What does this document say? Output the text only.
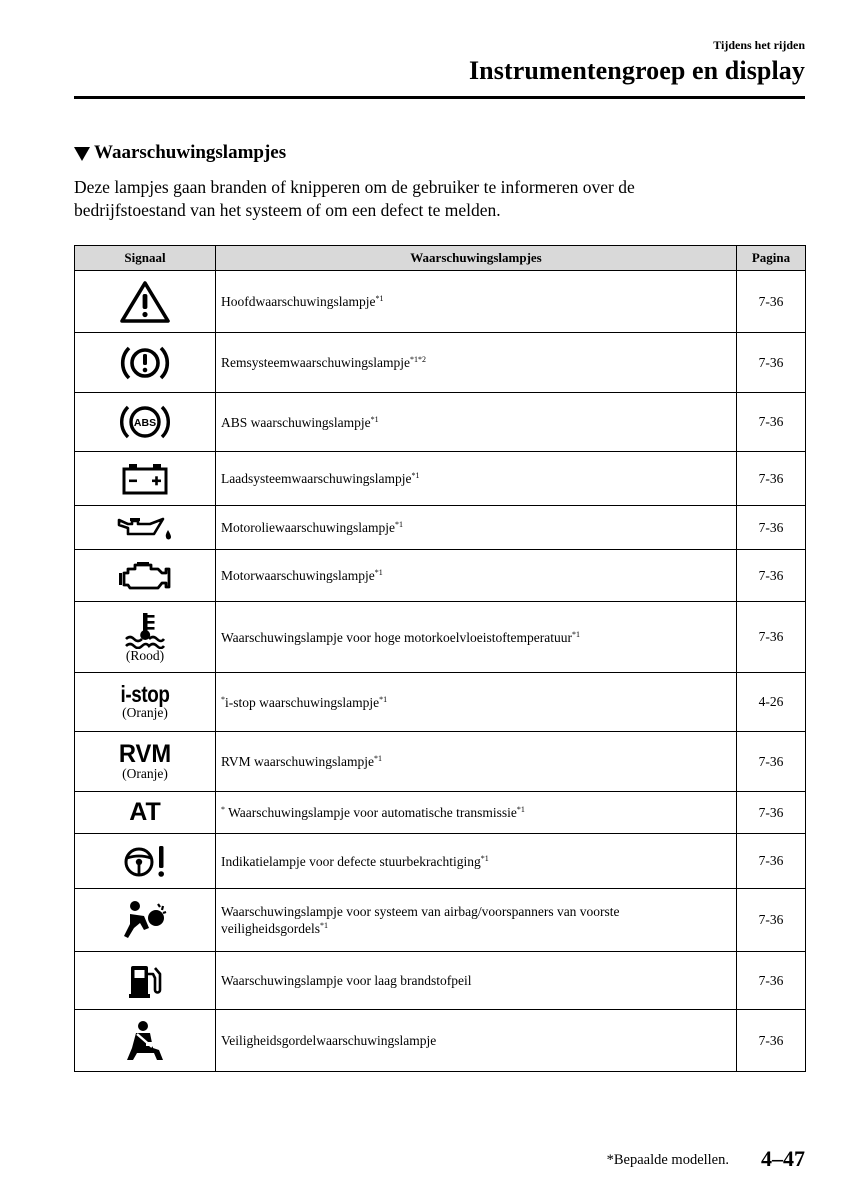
Tijdens het rijden
Instrumentengroep en display
Waarschuwingslampjes
Deze lampjes gaan branden of knipperen om de gebruiker te informeren over de
bedrijfstoestand van het systeem of om een defect te melden.
Signaal	Waarschuwingslampjes	Pagina

	Hoofdwaarschuwingslampje$^{*1}$	7-36

	Remsysteemwaarschuwingslampje$^{*1*2}$	7-36

ABS	ABS waarschuwingslampje$^{*1}$	7-36

	Laadsysteemwaarschuwingslampje$^{*1}$	7-36

	Motoroliewaarschuwingslampje$^{*1}$	7-36

	Motorwaarschuwingslampje$^{*1}$	7-36

(Rood)	Waarschuwingslampje voor hoge motorkoelvloeistoftemperatuur$^{*1}$	7-36

i-stop
(Oranje)	*i-stop waarschuwingslampje$^{*1}$	4-26

RVM
(Oranje)	RVM waarschuwingslampje$^{*1}$	7-36

AT	* Waarschuwingslampje voor automatische transmissie$^{*1}$	7-36

	Indikatielampje voor defecte stuurbekrachtiging$^{*1}$	7-36

	Waarschuwingslampje voor systeem van airbag/voorspanners van voorste
veiligheidsgordels$^{*1}$	7-36

	Waarschuwingslampje voor laag brandstofpeil	7-36

	Veiligheidsgordelwaarschuwingslampje	7-36
*Bepaalde modellen. 4–47
